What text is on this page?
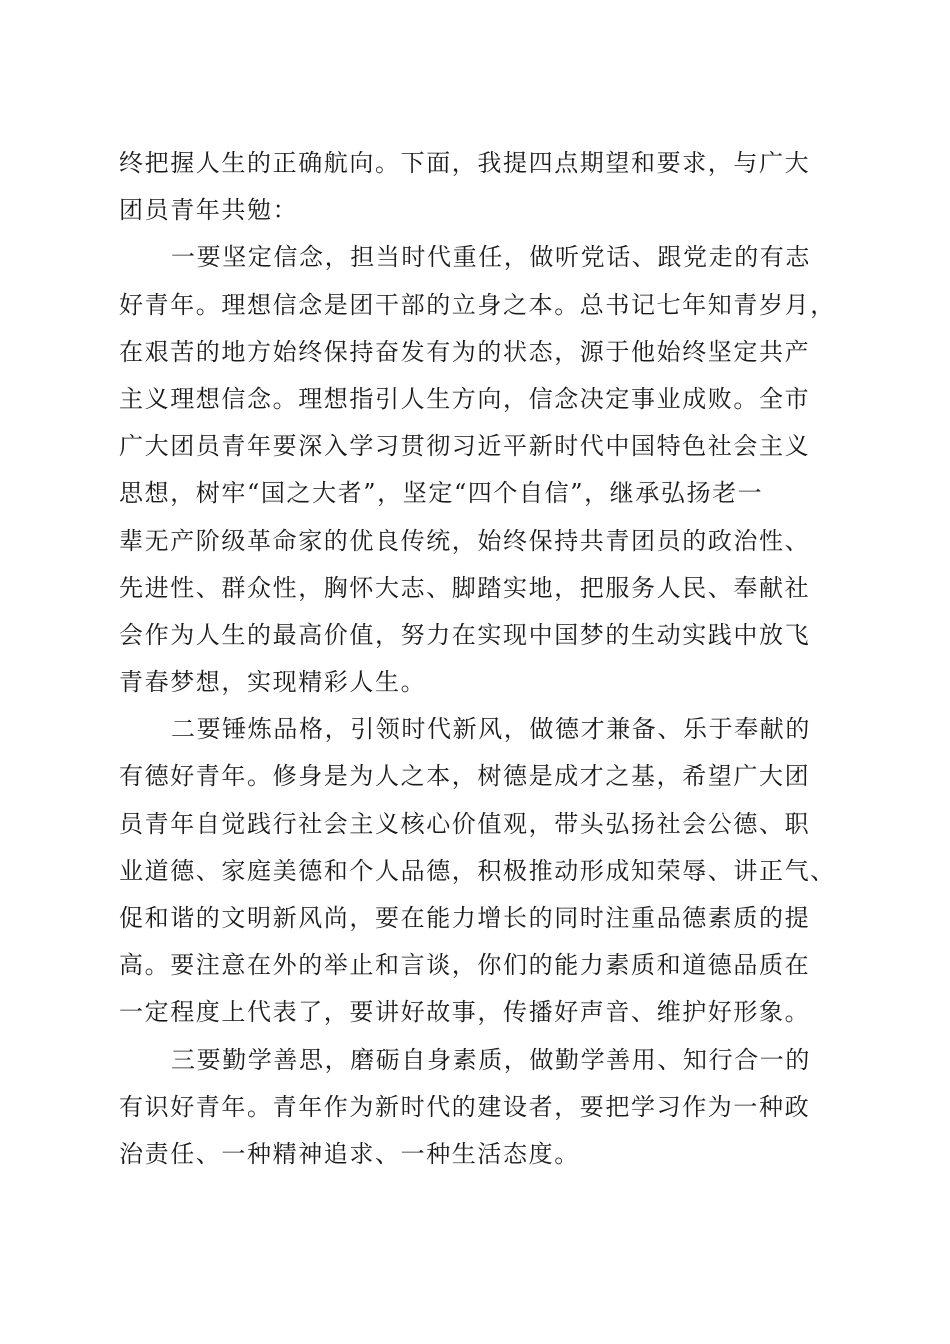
终把握人生的正确航向。下面，我提四点期望和要求，与广大
团员青年共勉：
一要坚定信念，担当时代重任，做听党话、跟党走的有志
好青年。理想信念是团干部的立身之本。总书记七年知青岁月，
在艰苦的地方始终保持奋发有为的状态，源于他始终坚定共产
主义理想信念。理想指引人生方向，信念决定事业成败。全市
广大团员青年要深入学习贯彻习近平新时代中国特色社会主义
思想，树牢“国之大者”，坚定“四个自信”，继承弘扬老一
辈无产阶级革命家的优良传统，始终保持共青团员的政治性、
先进性、群众性，胸怀大志、脚踏实地，把服务人民、奉献社
会作为人生的最高价值，努力在实现中国梦的生动实践中放飞
青春梦想，实现精彩人生。
二要锤炼品格，引领时代新风，做德才兼备、乐于奉献的
有德好青年。修身是为人之本，树德是成才之基，希望广大团
员青年自觉践行社会主义核心价值观，带头弘扬社会公德、职
业道德、家庭美德和个人品德，积极推动形成知荣辱、讲正气、
促和谐的文明新风尚，要在能力增长的同时注重品德素质的提
高。要注意在外的举止和言谈，你们的能力素质和道德品质在
一定程度上代表了，要讲好故事，传播好声音、维护好形象。
三要勤学善思，磨砺自身素质，做勤学善用、知行合一的
有识好青年。青年作为新时代的建设者，要把学习作为一种政
治责任、一种精神追求、一种生活态度。
